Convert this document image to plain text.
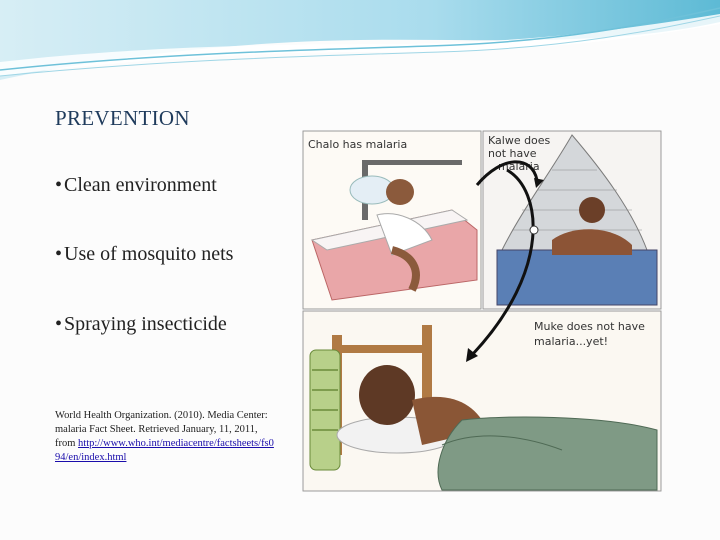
PREVENTION
• Clean environment
• Use of mosquito nets
• Spraying insecticide
World Health Organization. (2010). Media Center: malaria Fact Sheet. Retrieved January, 11, 2011, from http://www.who.int/mediacentre/factsheets/fs094/en/index.html
Chalo has malaria	Kalwe does
not have
malaria
Muke does not have
malaria...yet!
